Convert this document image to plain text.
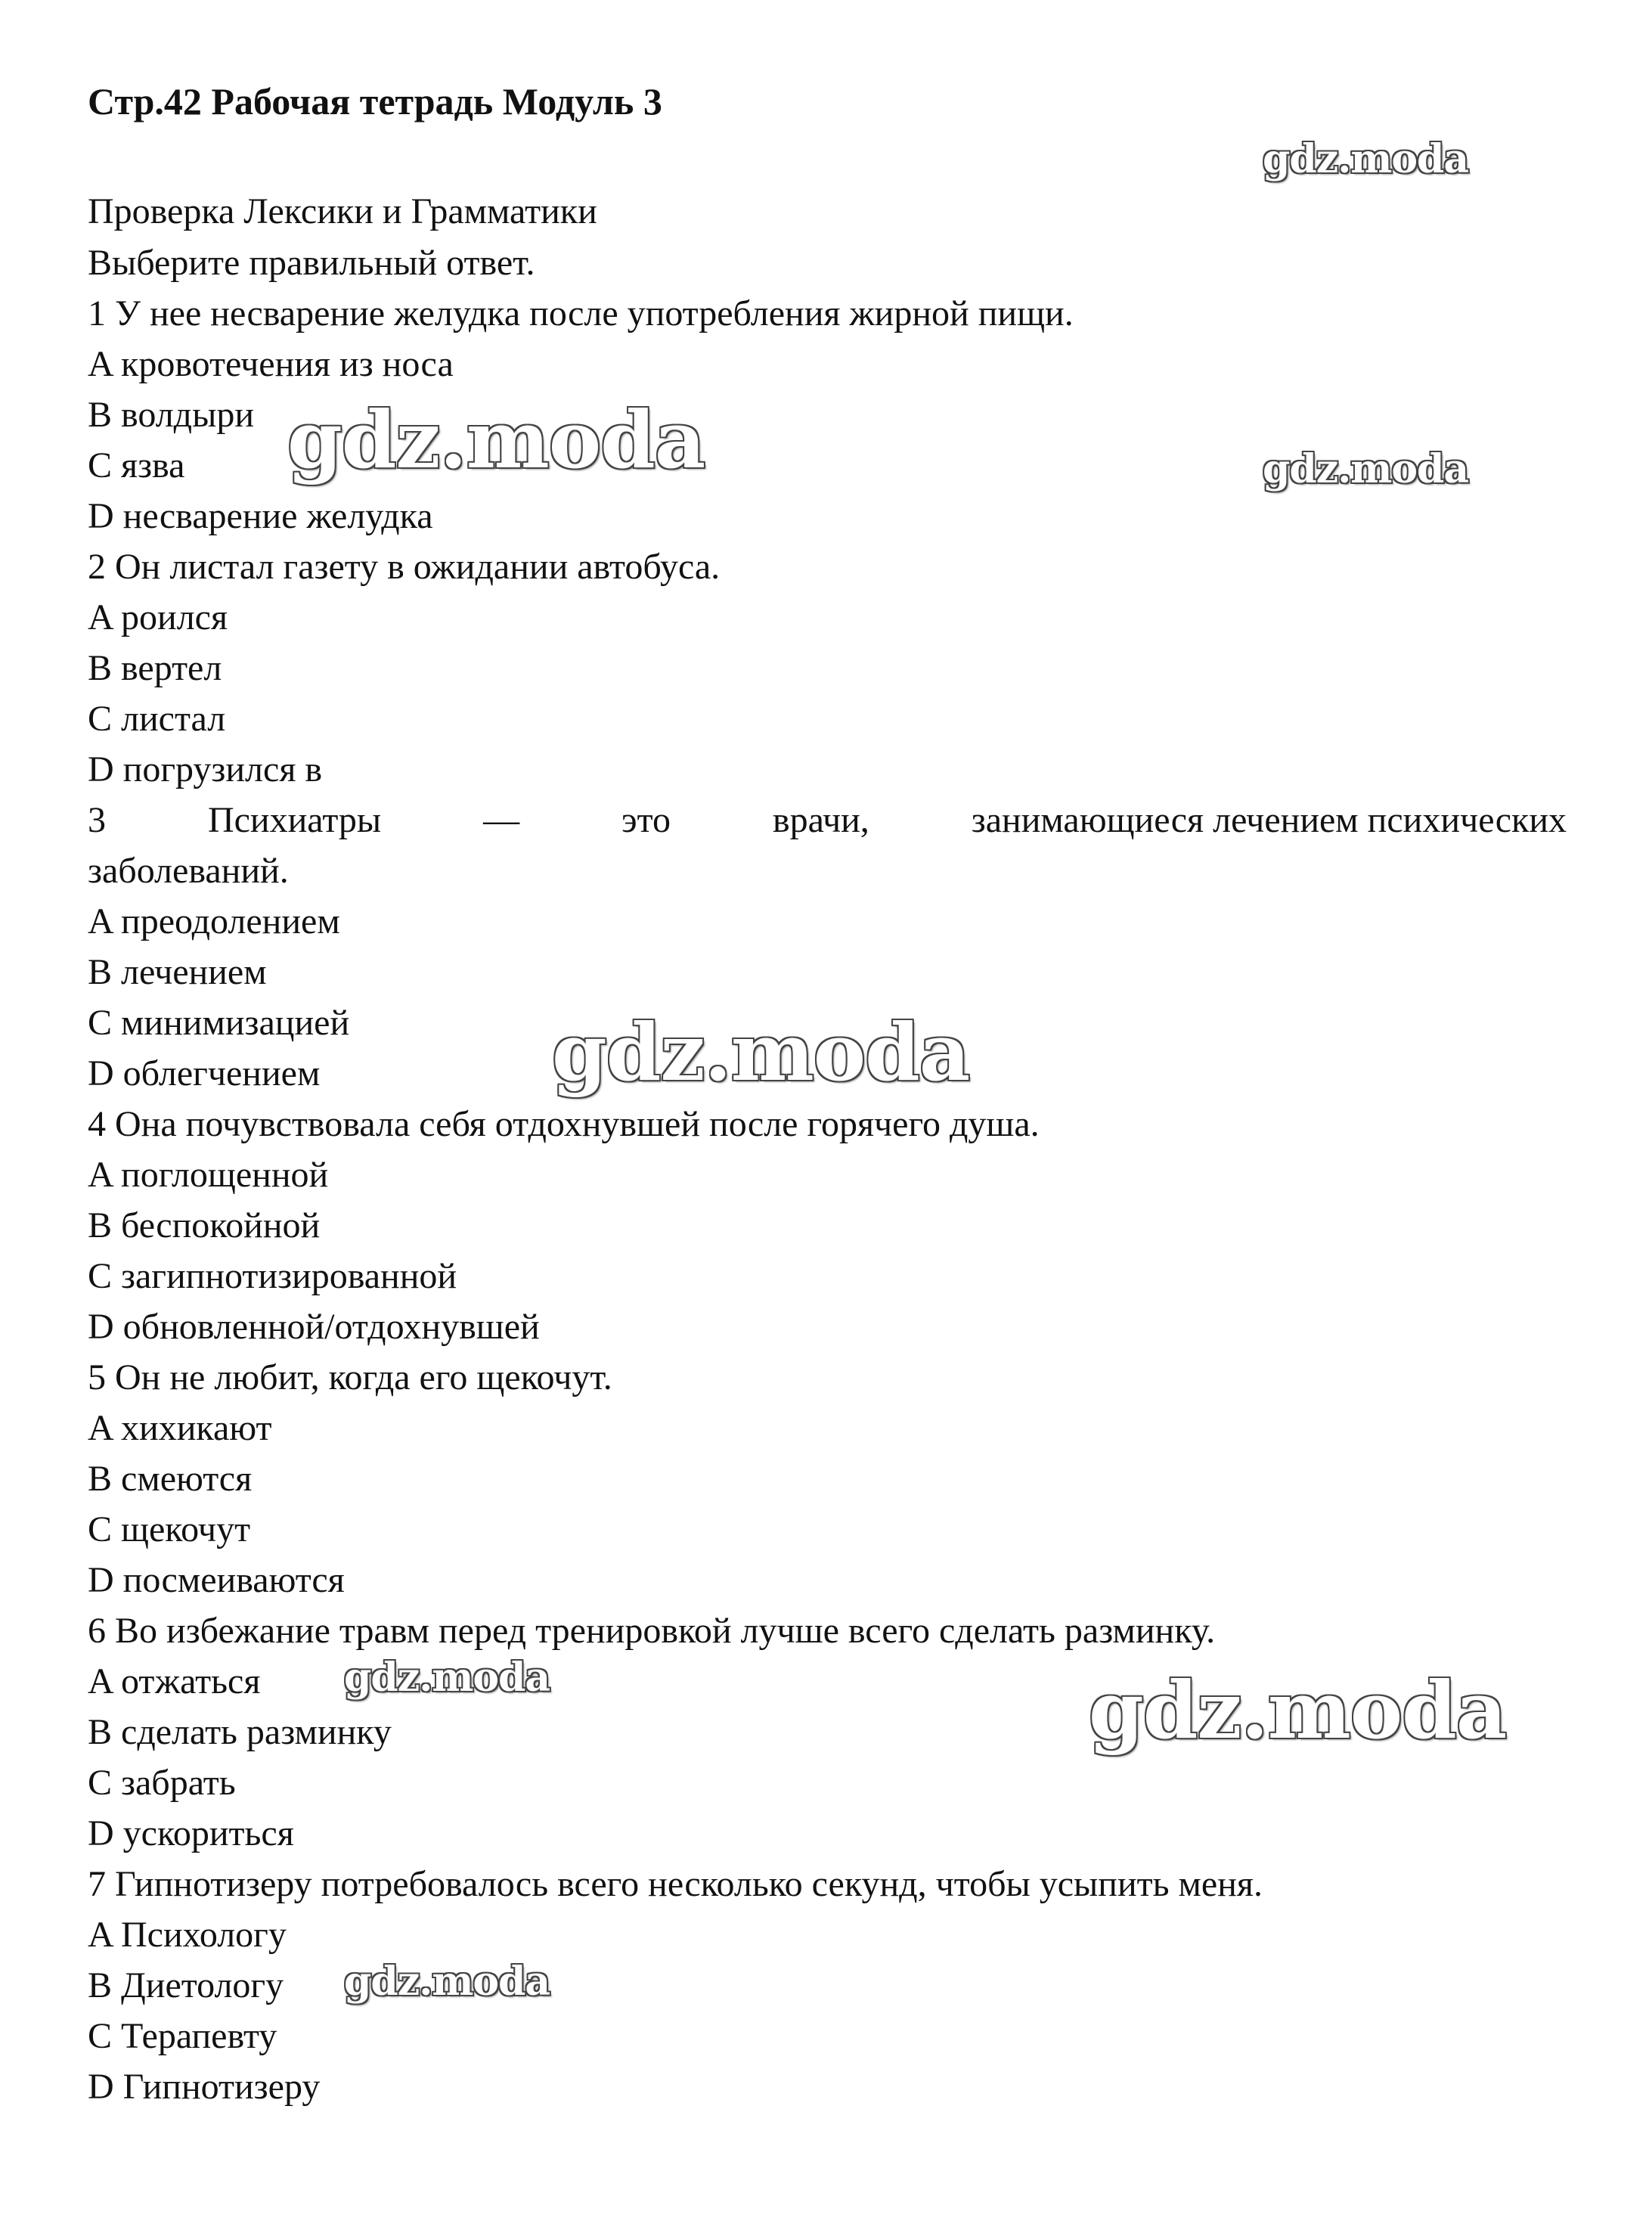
Стр.42 Рабочая тетрадь Модуль 3
Проверка Лексики и Грамматики
Выберите правильный ответ.
1 У нее несварение желудка после употребления жирной пищи.
A кровотечения из носа
B волдыри
C язва
D несварение желудка
2 Он листал газету в ожидании автобуса.
A роился
B вертел
C листал
D погрузился в
3	Психиатры	—	это	врачи,	занимающиеся лечением психических
заболеваний.
A преодолением
B лечением
C минимизацией
D облегчением
4 Она почувствовала себя отдохнувшей после горячего душа.
A поглощенной
B беспокойной
C загипнотизированной
D обновленной/отдохнувшей
5 Он не любит, когда его щекочут.
A хихикают
B смеются
C щекочут
D посмеиваются
6 Во избежание травм перед тренировкой лучше всего сделать разминку.
A отжаться
B сделать разминку
C забрать
D ускориться
7 Гипнотизеру потребовалось всего несколько секунд, чтобы усыпить меня.
A Психологу
B Диетологу
C Терапевту
D Гипнотизеру
gdz.moda
gdz.moda	gdz.moda
gdz.moda
gdz.moda	gdz.moda
gdz.moda
